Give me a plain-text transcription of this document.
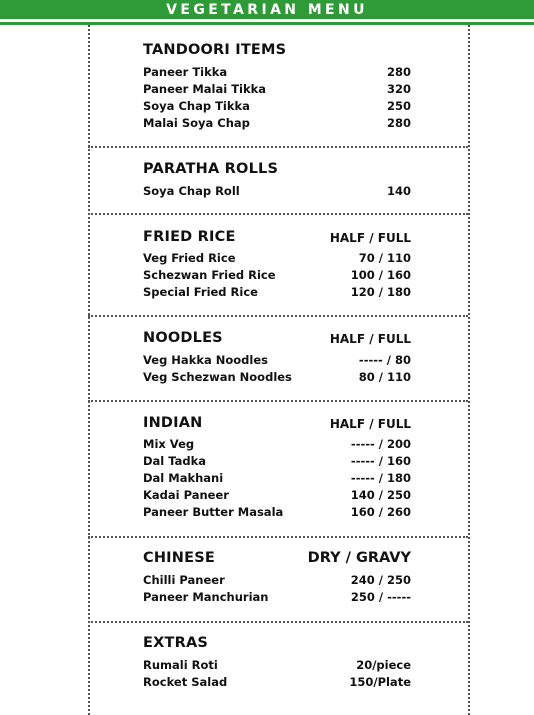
VEGETARIAN MENU
TANDOORI ITEMS
Paneer Tikka	280
Paneer Malai Tikka	320
Soya Chap Tikka	250
Malai Soya Chap	280
PARATHA ROLLS
Soya Chap Roll	140
FRIED RICE	HALF / FULL
Veg Fried Rice	70 / 110
Schezwan Fried Rice	100 / 160
Special Fried Rice	120 / 180
NOODLES	HALF / FULL
Veg Hakka Noodles	----- / 80
Veg Schezwan Noodles	80 / 110
INDIAN	HALF / FULL
Mix Veg	----- / 200
Dal Tadka	----- / 160
Dal Makhani	----- / 180
Kadai Paneer	140 / 250
Paneer Butter Masala	160 / 260
CHINESE	DRY / GRAVY
Chilli Paneer	240 / 250
Paneer Manchurian	250 / -----
EXTRAS
Rumali Roti	20/piece
Rocket Salad	150/Plate
